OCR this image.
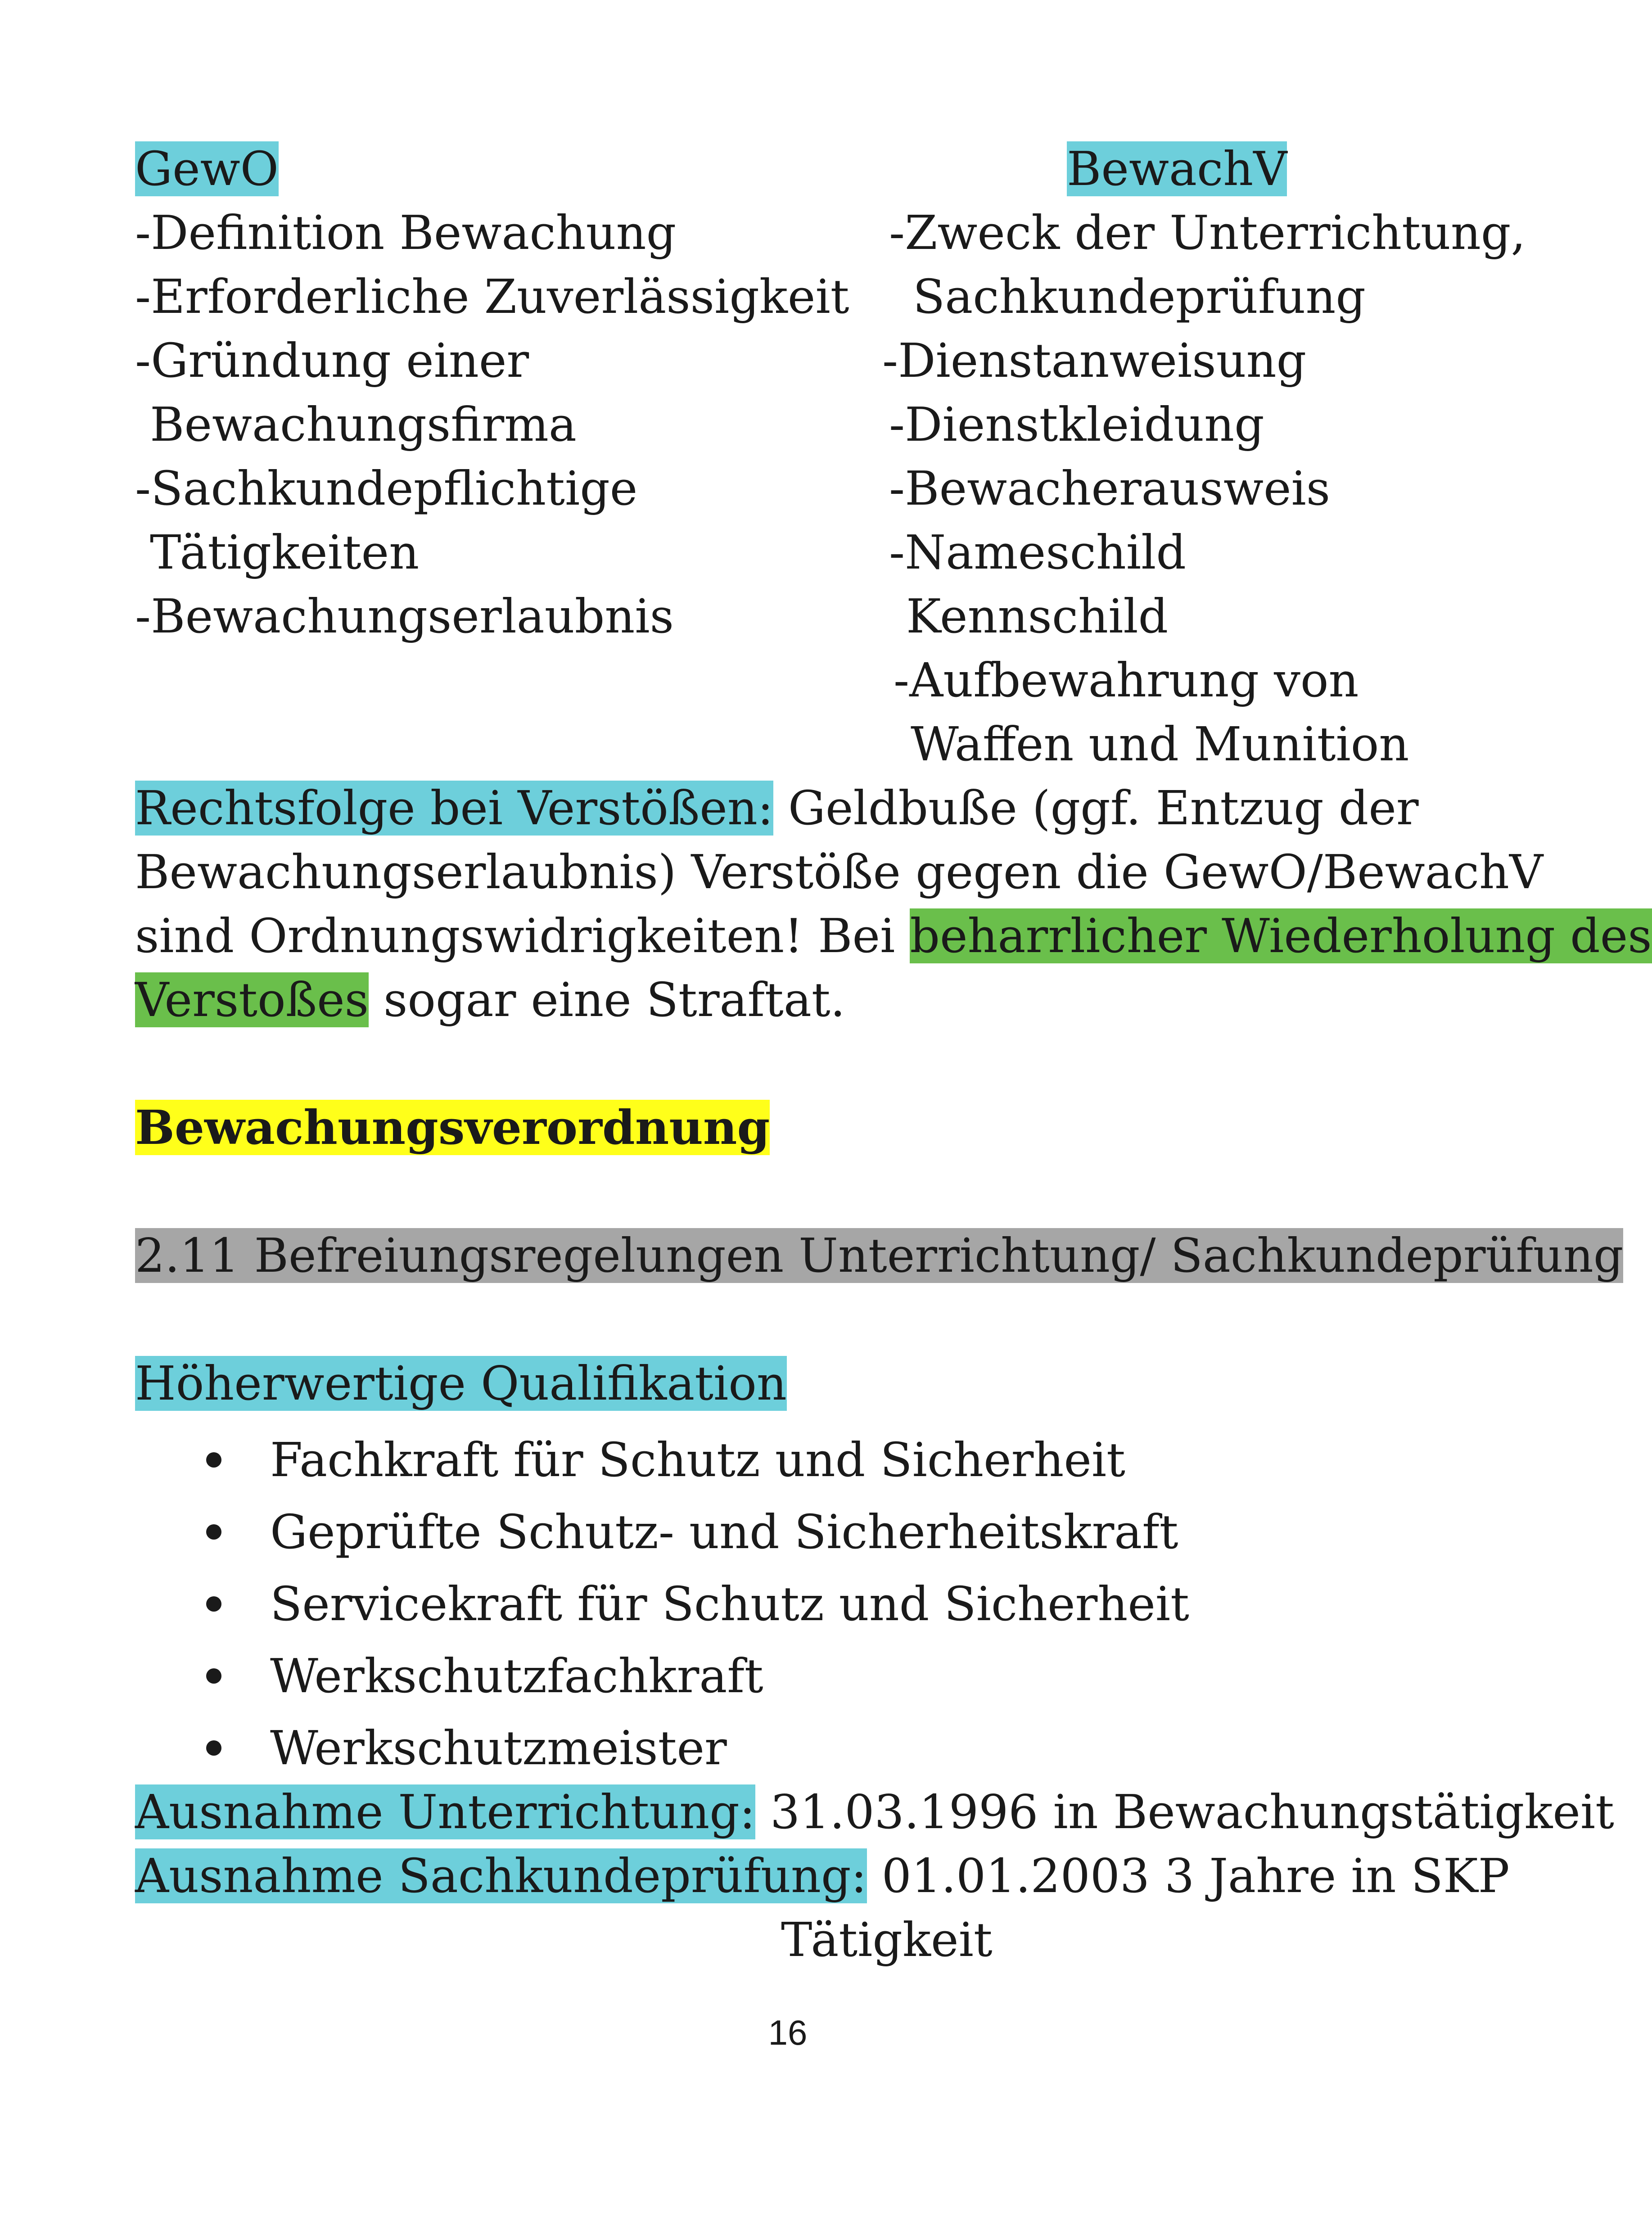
GewO

-Definition Bewachung

-Erforderliche Zuverlässigkeit

-Gründung einer

Bewachungsfirma

-Sachkundepflichtige

Tätigkeiten

-Bewachungserlaubnis

BewachV

-Zweck der Unterrichtung,

Sachkundeprüfung

-Dienstanweisung

-Dienstkleidung

-Bewacherausweis

-Nameschild

Kennschild

-Aufbewahrung von

Waffen und Munition

Rechtsfolge bei Verstößen: Geldbuße (ggf. Entzug der

Bewachungserlaubnis) Verstöße gegen die GewO/BewachV

sind Ordnungswidrigkeiten! Bei beharrlicher Wiederholung des

Verstoßes sogar eine Straftat.

Bewachungsverordnung

2.11 Befreiungsregelungen Unterrichtung/ Sachkundeprüfung

Höherwertige Qualifikation

Fachkraft für Schutz und Sicherheit

Geprüfte Schutz- und Sicherheitskraft

Servicekraft für Schutz und Sicherheit

Werkschutzfachkraft

Werkschutzmeister

Ausnahme Unterrichtung: 31.03.1996 in Bewachungstätigkeit

Ausnahme Sachkundeprüfung: 01.01.2003 3 Jahre in SKP

Tätigkeit

16
